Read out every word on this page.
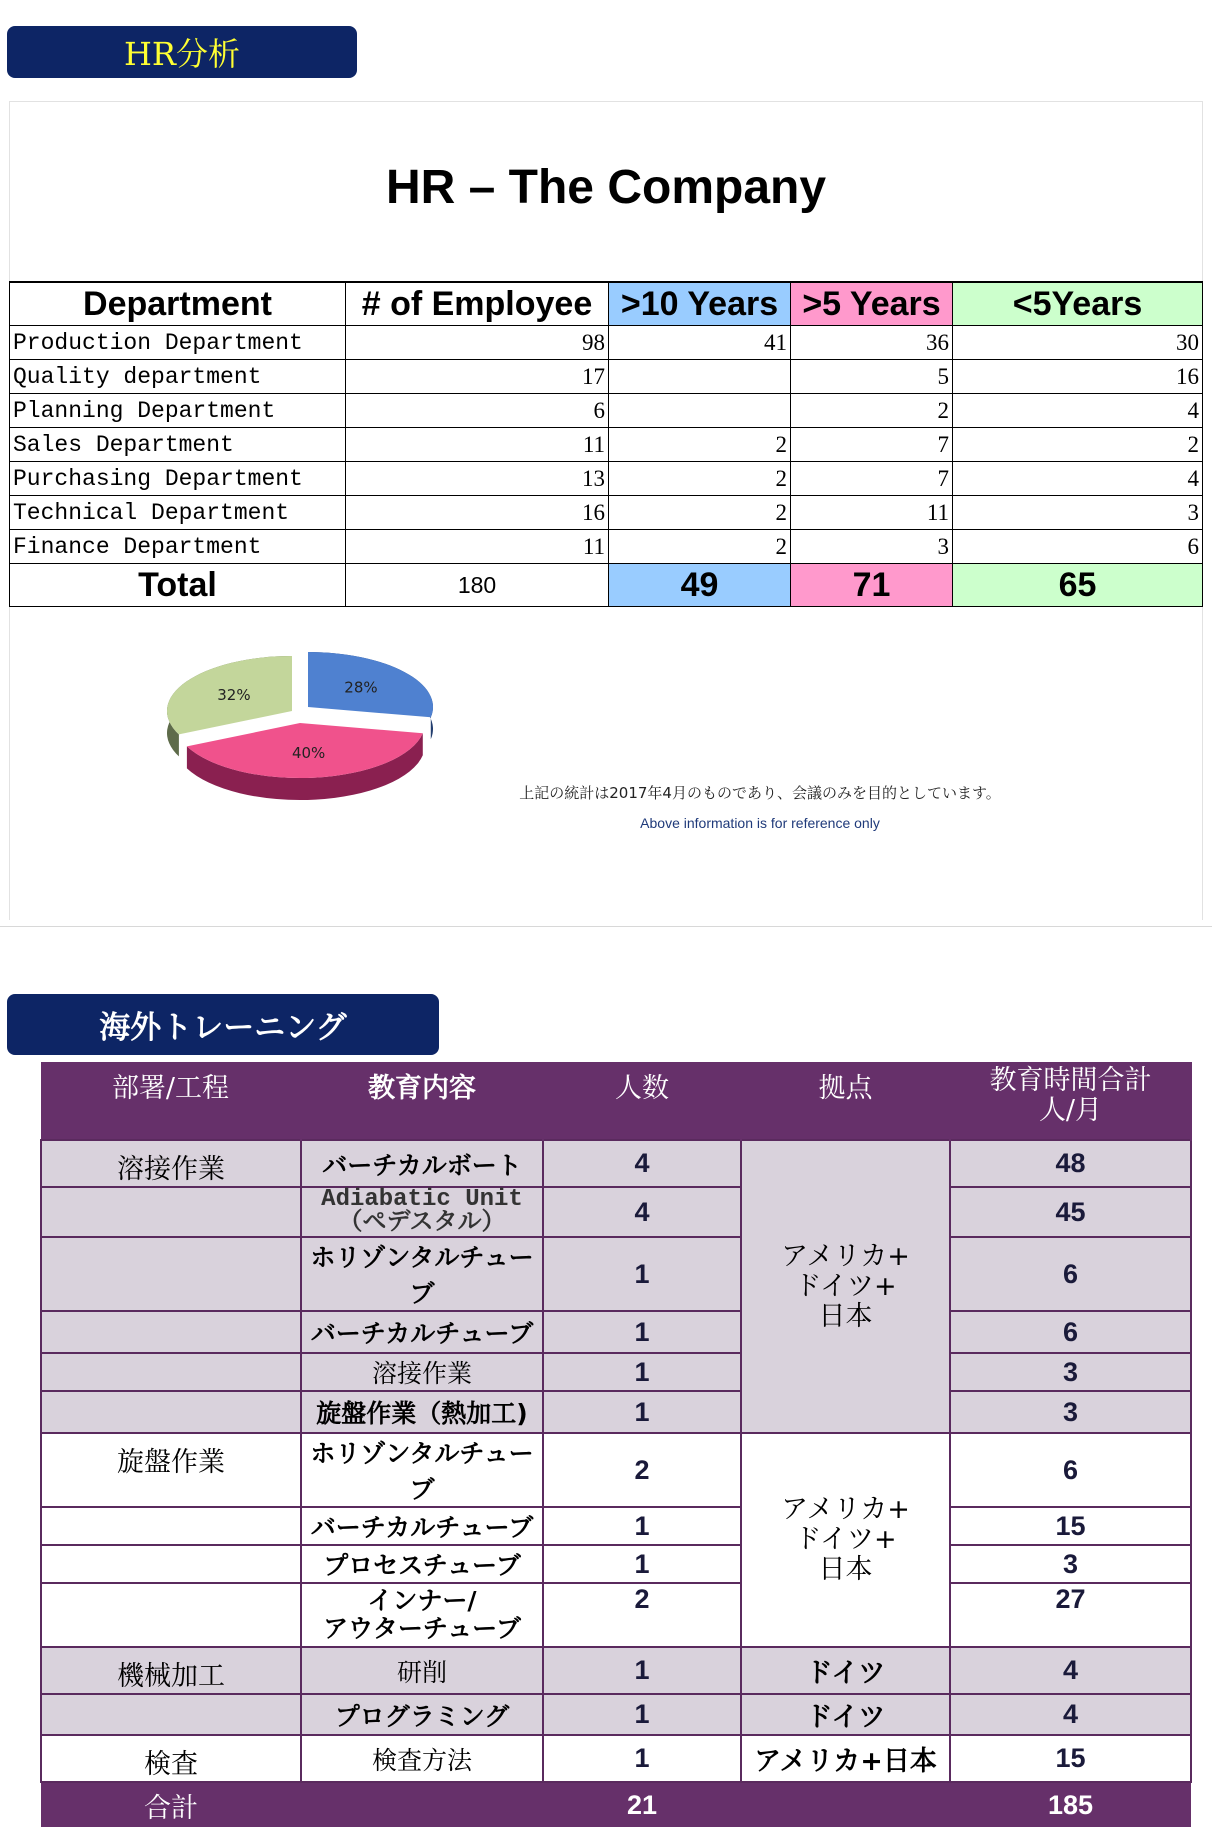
HR分析
HR – The Company
Department	# of Employee	>10 Years	>5 Years	<5Years
Production Department	98	41	36	30
Quality department	17		5	16
Planning Department	6		2	4
Sales Department	11	2	7	2
Purchasing Department	13	2	7	4
Technical Department	16	2	11	3
Finance Department	11	2	3	6
Total	180	49	71	65
28%
40%
32%
上記の統計は2017年4月のものであり、会議のみを目的としています。
Above information is for reference only
海外トレーニング
部署/工程	教育内容	人数	拠点	教育時間合計
人/月
溶接作業	バーチカルボート	4	アメリカ+
ドイツ+
日本	48
	Adiabatic Unit
（ペデスタル）	4		45
	ホリゾンタルチューブ	1		6
	バーチカルチューブ	1		6
	溶接作業	1		3
	旋盤作業（熱加工)	1		3
旋盤作業	ホリゾンタルチューブ	2	アメリカ+
ドイツ+
日本	6
	バーチカルチューブ	1		15
	プロセスチューブ	1		3
	インナー/
アウターチューブ	2		27
機械加工	研削	1	ドイツ	4
	プログラミング	1	ドイツ	4
検査	検査方法	1	アメリカ+日本	15
合計		21		185
